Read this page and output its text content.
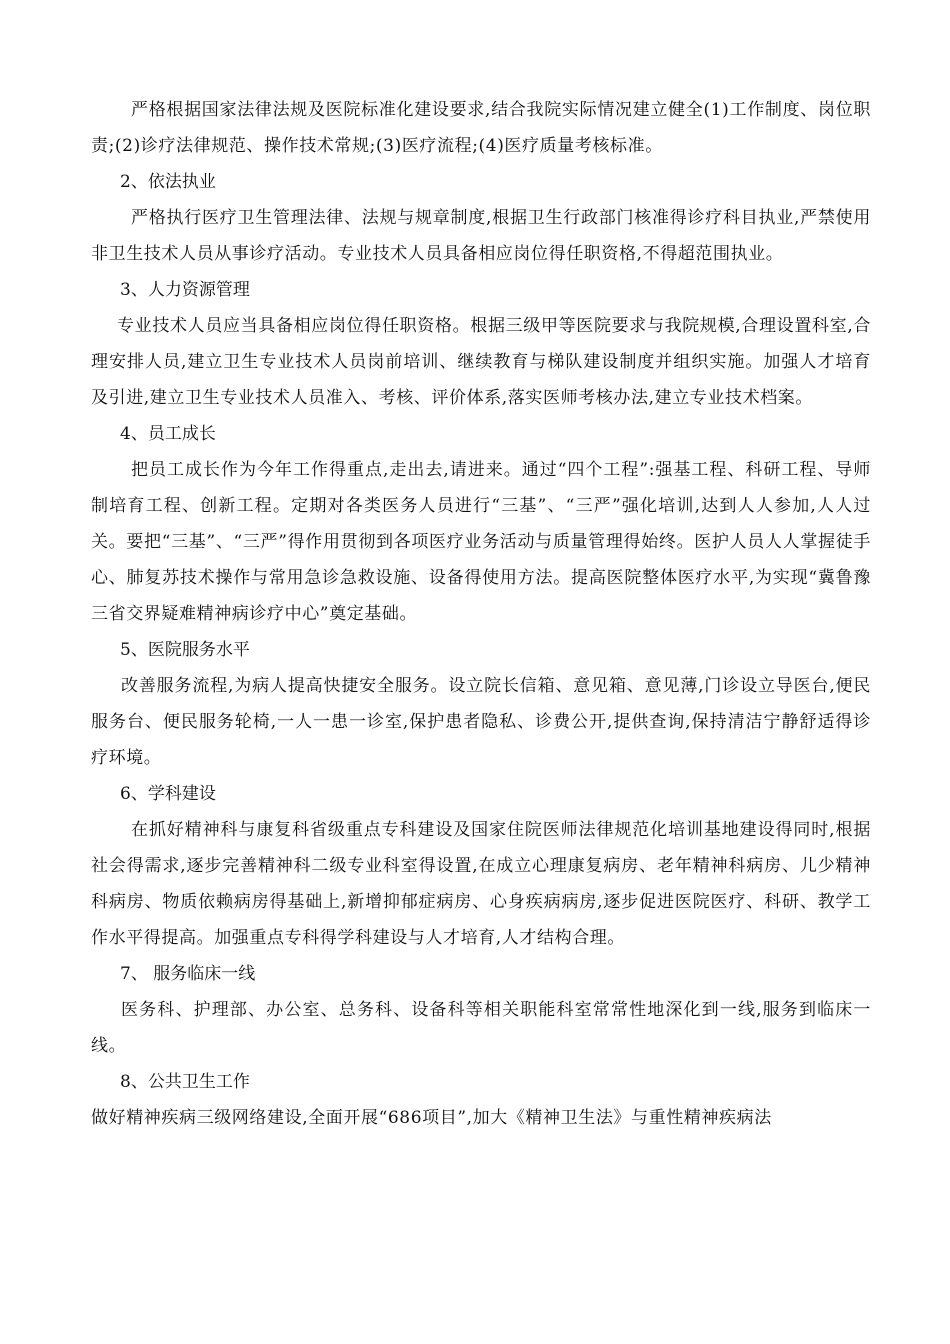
严格根据国家法律法规及医院标准化建设要求,结合我院实际情况建立健全(1)工作制度、岗位职责;(2)诊疗法律规范、操作技术常规;(3)医疗流程;(4)医疗质量考核标准。

2、依法执业

严格执行医疗卫生管理法律、法规与规章制度,根据卫生行政部门核准得诊疗科目执业,严禁使用非卫生技术人员从事诊疗活动。专业技术人员具备相应岗位得任职资格,不得超范围执业。

3、人力资源管理

专业技术人员应当具备相应岗位得任职资格。根据三级甲等医院要求与我院规模,合理设置科室,合理安排人员,建立卫生专业技术人员岗前培训、继续教育与梯队建设制度并组织实施。加强人才培育及引进,建立卫生专业技术人员准入、考核、评价体系,落实医师考核办法,建立专业技术档案。

4、员工成长

把员工成长作为今年工作得重点,走出去,请进来。通过“四个工程”:强基工程、科研工程、导师制培育工程、创新工程。定期对各类医务人员进行“三基”、“三严”强化培训,达到人人参加,人人过关。要把“三基”、“三严”得作用贯彻到各项医疗业务活动与质量管理得始终。医护人员人人掌握徒手心、肺复苏技术操作与常用急诊急救设施、设备得使用方法。提高医院整体医疗水平,为实现“冀鲁豫三省交界疑难精神病诊疗中心”奠定基础。

5、医院服务水平

改善服务流程,为病人提高快捷安全服务。设立院长信箱、意见箱、意见薄,门诊设立导医台,便民服务台、便民服务轮椅,一人一患一诊室,保护患者隐私、诊费公开,提供查询,保持清洁宁静舒适得诊疗环境。

6、学科建设

在抓好精神科与康复科省级重点专科建设及国家住院医师法律规范化培训基地建设得同时,根据社会得需求,逐步完善精神科二级专业科室得设置,在成立心理康复病房、老年精神科病房、儿少精神科病房、物质依赖病房得基础上,新增抑郁症病房、心身疾病病房,逐步促进医院医疗、科研、教学工作水平得提高。加强重点专科得学科建设与人才培育,人才结构合理。

7、 服务临床一线

医务科、护理部、办公室、总务科、设备科等相关职能科室常常性地深化到一线,服务到临床一线。

8、公共卫生工作

做好精神疾病三级网络建设,全面开展“686项目”,加大《精神卫生法》与重性精神疾病法
